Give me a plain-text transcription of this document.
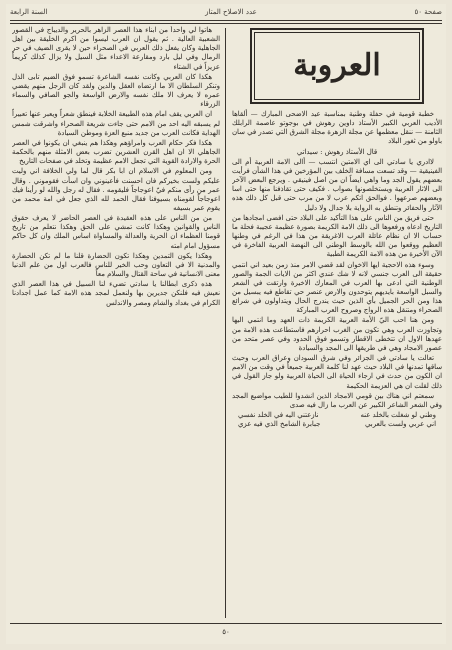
صفحة ٥٠
عدد الاصلاح المتاز
السنة الرابعة
العروبة

خطبة قومية في حفلة وطنية بمناسبة عيد الاضحى المبارك — ألقاها الأديب العربي الكبير الأستاذ داوين رهوش في بوجوتو عاصمة الرابلك الثامنة — ننقل معظمها عن مجلة الزهرة مجلة الشرق التي تصدر في سان باولو من ثغور البلاد

قال الأستاذ رهوش : سيداتي

لاادري يا سادتي الى اي الامتين انتسب — أالى الامة العربية أم الى الفينيقية — وقد تسعت مسافة الخلف بين المؤرخين في هذا الشأن فرأيت بعضهم يقول الجد وما واهي ايضاً ان من اصل فينيقي . ويرجع البعض الآخر الى الاثار العربية ويستخلصونها بصواب . فكيف حتى تقاذفنا منها حتى اسا وبعضهم صرعهوا . فوالحق اتكم عرب لا من مرب حتى قبل كل ذلك هذه الآثار والحفائر وتنطق به الرواية بلا جدال ولا دليل

حتى فريق من الناس على هذا التأكيد على البلاد حتى افضى امجادها من التاريخ ادعاه ورفعوها الى ذلك الامة الكريمة بصورة عظيمة عجيبة فحلة ما حساب الا ان نظام عائلة العرب الاغريقة من هذا في الرغم في وطنها العظيم ووقعوا من الله بالوسط الوطني الى النهضة العربية الفاخرة في الآن الأخيرة من هذه الامة الكريمة الطبية

وسوء هذه الاحجية ايها الاخوان لقد قضي الامر منذ زمن بعيد اني انتمي حقيقة الى العرب جنسي لانه لا شك عندي اكثر من الايات الجمة والصور الوطنية التي ادعى بها العرب في المعارك الاخيرة وارتقت في الشعر والسبل الواسعة بايديهم يتوحدون والارض عنصر حي تقاطع فيه يبسيل من هذا ومن الحر الجميل بأي الذين حيث يندرج الحال ويتداولون في شرائع الصحراء ومتنقل هذه الرواج وصروح العرب المباركة

ومن هنا احب اليّ الأمة العربية الكريمة ذات العهد وما انتمي اليها وتجاوزت العرب وهي تكون من الغرب احرارهم فاستطاعت هذه الامة من عهدها الاول ان تتخطى الاقطار وتسمو فوق الحدود وفي عصر متحد من عصور الامجاد وهي في طريقها الى المجد والسيادة

تعالت يا سادتي في الجزائر وفي شرق السودان وعراق العرب وحيث ساقها تمدنها في البلاد حيث عهد لنا كلمة العربية جميعاً في وقت من الامم ان الكون من حدث في ارجاء الحياة الى الحياة العربية ولو جاز القول في ذلك لقلت ان هي العزيمة الحكيمة

سمعتم اني هناك بين قومي الامجاد الذين انشدوا للطيب مواضيع المجد وفي الشعر الشاعر الكبير عن العرب ما زال فيه صدى

وطني لو شغلت بالخلد عنه
نازعتني اليه في الخلد نفسي
اني عربي ولست بالعربي
جبابرة الشامخ الذي فيه عزي

هاتوا لي واحداً من ابناء هذا العصر الزاهر بالحرير والديباج في القصور الشعبية العالية . ثم يقول ان العرب ليسوا من اكرم الخليقة بين اهل الجاهلية وكان يفعل ذلك العربي في الصحراء حين لا يقرى الضيف في حر الرمال وفي ليل بارد ومقارعة الاعداء مثل السيل ولا يزال كذلك كريماً عزيزاً في الشتاء

هكذا كان العربي وكانت نفسه الشاعرة تسمو فوق الضيم تابى الذل وتنكر السلطان الا ما ارتضاه العقل والدين ولقد كان الرجل منهم يقضي عمره لا يعرف الا ملك نفسه والارض الواسعة والجو الصافي والسماء الزرقاء

ان العربي يقف امام هذه الطبيعة الخلابة فينطق شعراً ويعبر عنها تعبيراً لم يسبقه اليه احد من الامم حتى جاءت شريعة الصحراء واشرقت شمس الهداية فكانت العرب من جديد منبع العزة وموطن السيادة

هكذا فكر حكام العرب وامراؤهم وهكذا هم ينبغي ان يكونوا في العصر الجاهلي الا ان اهل القرن العشرين تضرب بعض الامثلة منهم بالحكمة الحرة والارادة القوية التي تجعل الامم عظيمة وتخلد في صفحات التاريخ

ومن المعلوم في الاسلام ان ابا بكر قال لما ولي الخلافة اني وليت عليكم ولست بخيركم فان احسنت فأعينوني وان اسأت فقوموني . وقال عمر من رأى منكم فيّ اعوجاجاً فليقومه . فقال له رجل والله لو رأينا فيك اعوجاجاً لقومناه بسيوفنا فقال الحمد لله الذي جعل في امة محمد من يقوم عمر بسيفه

من من الناس على هذه العقيدة في العصر الحاضر لا يعرف حقوق الناس والقوانين وهكذا كانت تمشي على الحق وهكذا نتعلم من تاريخ قومنا العظماء ان الحرية والعدالة والمساواة اساس الملك وان كل حاكم مسؤول امام امته

وهكذا يكون التمدين وهكذا تكون الحضارة قلنا ما لم تكن الحضارة والمدنية الا في التعاون وحب الخير للناس فالعرب اول من علم الدنيا معنى الانسانية في ساحة القتال والسلام معاً

هذه ذكرى ابطالنا يا سادتي تضيء لنا السبيل في هذا العصر الذي نعيش فيه فلنكن جديرين بها ولنعمل لمجد هذه الامة كما عمل اجدادنا الكرام في بغداد والشام ومصر والاندلس

٥٠
